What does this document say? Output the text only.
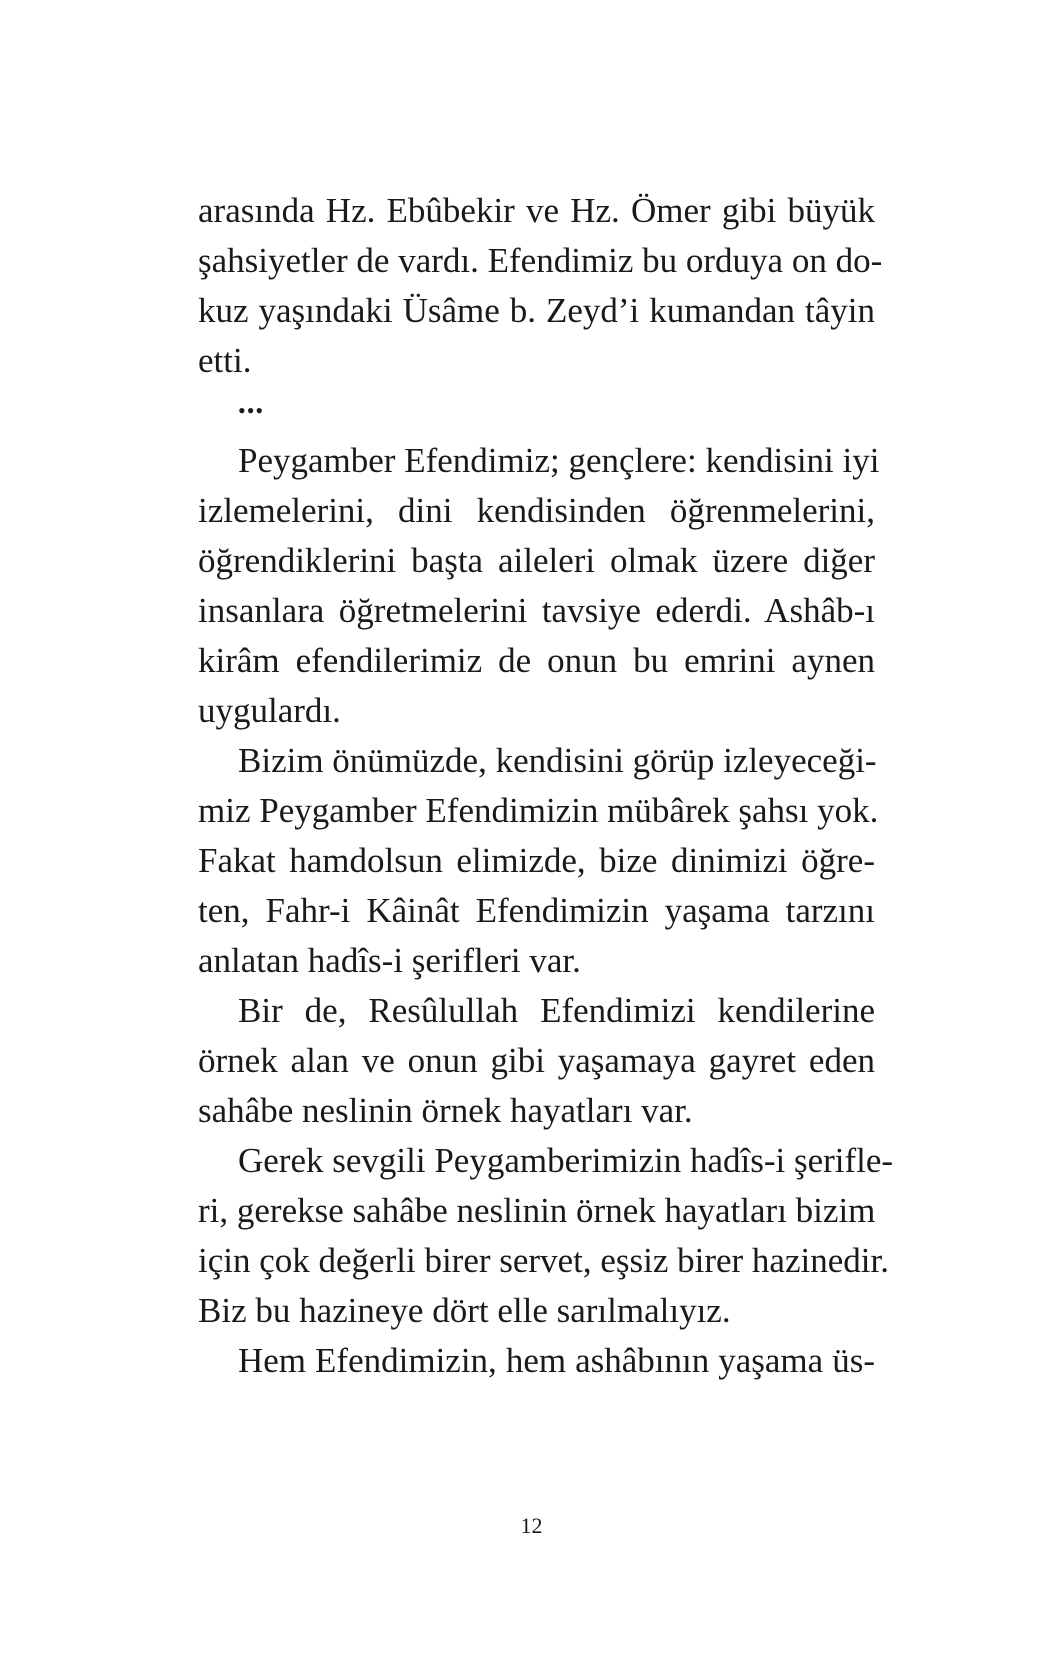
arasında Hz. Ebûbekir ve Hz. Ömer gibi büyük
şahsiyetler de vardı. Efendimiz bu orduya on do-
kuz yaşındaki Üsâme b. Zeyd’i kumandan tâyin
etti.
•••
Peygamber Efendimiz; gençlere: kendisini iyi
izlemelerini, dini kendisinden öğrenmelerini,
öğrendiklerini başta aileleri olmak üzere diğer
insanlara öğretmelerini tavsiye ederdi. Ashâb-ı
kirâm efendilerimiz de onun bu emrini aynen
uygulardı.
Bizim önümüzde, kendisini görüp izleyeceği-
miz Peygamber Efendimizin mübârek şahsı yok.
Fakat hamdolsun elimizde, bize dinimizi öğre-
ten, Fahr-i Kâinât Efendimizin yaşama tarzını
anlatan hadîs-i şerifleri var.
Bir de, Resûlullah Efendimizi kendilerine
örnek alan ve onun gibi yaşamaya gayret eden
sahâbe neslinin örnek hayatları var.
Gerek sevgili Peygamberimizin hadîs-i şerifle-
ri, gerekse sahâbe neslinin örnek hayatları bizim
için çok değerli birer servet, eşsiz birer hazinedir.
Biz bu hazineye dört elle sarılmalıyız.
Hem Efendimizin, hem ashâbının yaşama üs-
12
